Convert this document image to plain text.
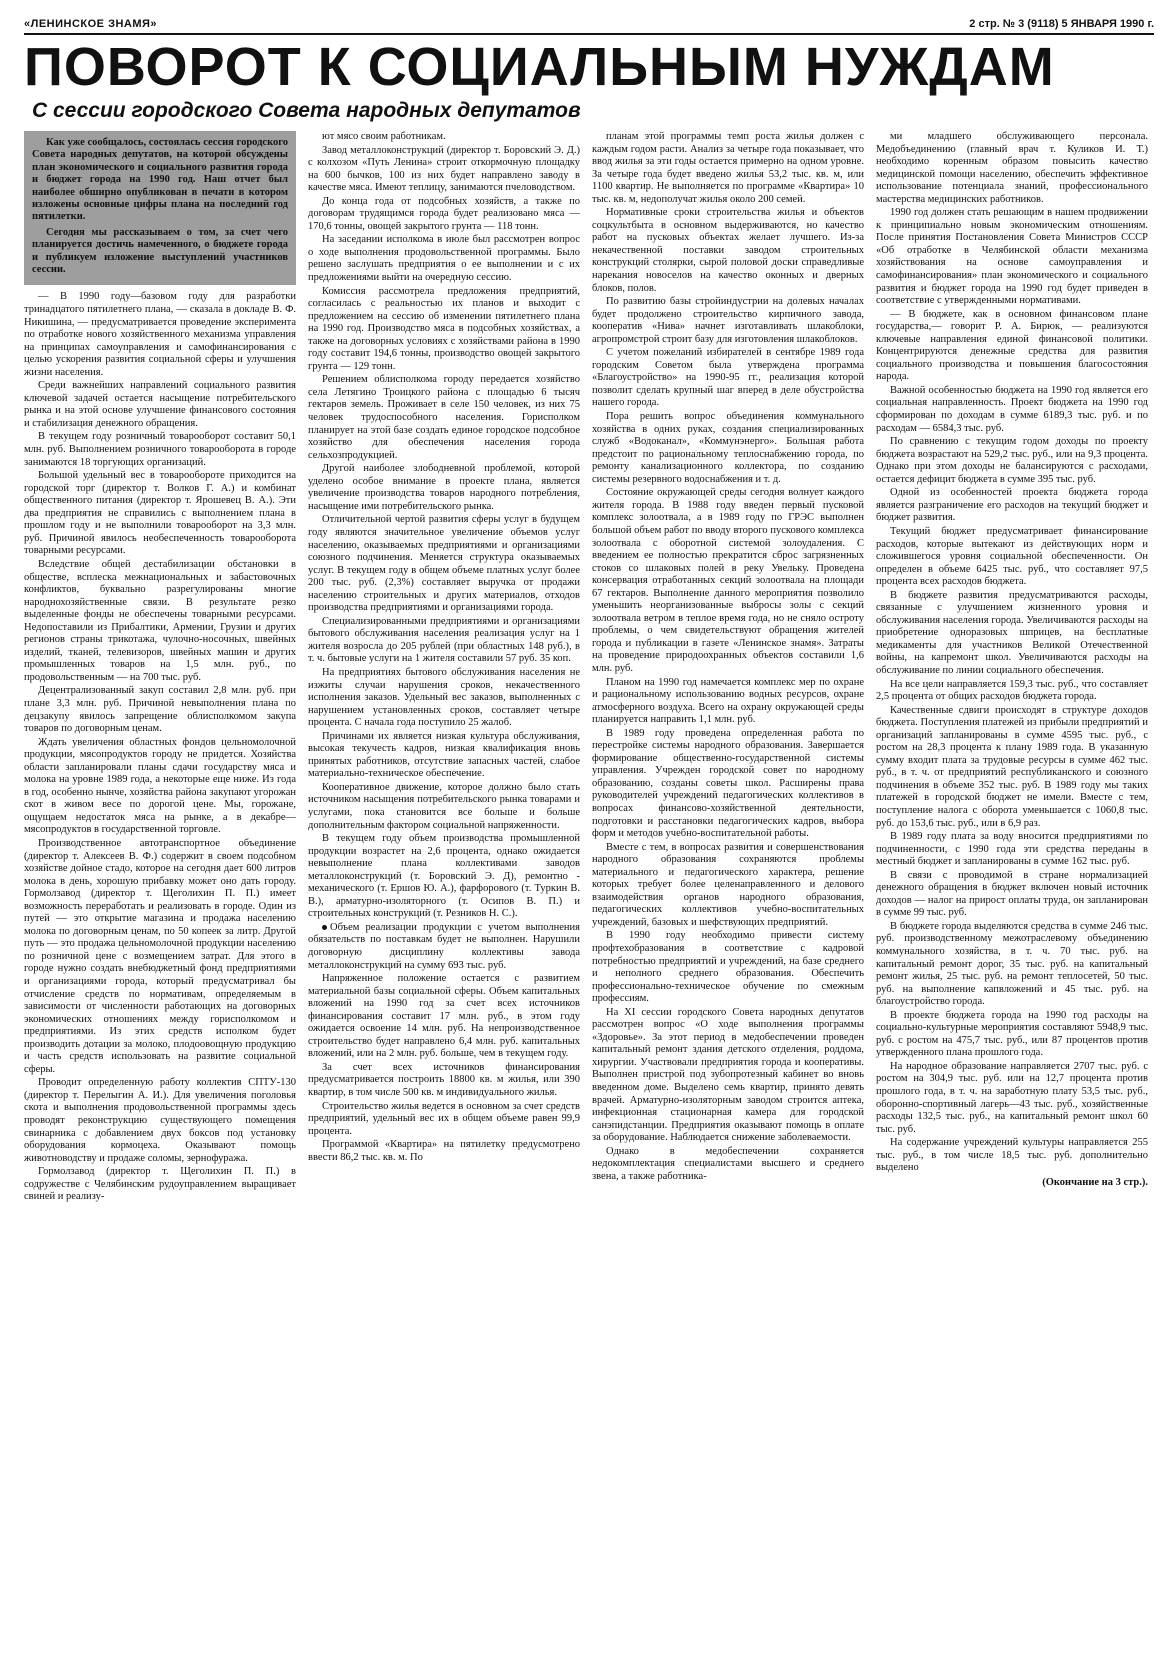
«ЛЕНИНСКОЕ ЗНАМЯ»	2 стр. № 3 (9118) 5 ЯНВАРЯ 1990 г.
ПОВОРОТ К СОЦИАЛЬНЫМ НУЖДАМ
С сессии городского Совета народных депутатов

Как уже сообщалось, состоялась сессия городского Совета народных депутатов, на которой обсуждены план экономического и социального развития города и бюджет города на 1990 год. Наш отчет был наиболее обширно опубликован в печати в котором изложены основные цифры плана на последний год пятилетки.

Сегодня мы рассказываем о том, за счет чего планируется достичь намеченного, о бюджете города и публикуем изложение выступлений участников сессии.

— В 1990 году—базовом году для разработки тринадцатого пятилетнего плана, — сказала в докладе В. Ф. Никишина, — предусматривается проведение эксперимента по отработке нового хозяйственного механизма управления на принципах самоуправления и самофинансирования с целью ускорения развития социальной сферы и улучшения жизни населения.

Среди важнейших направлений социального развития ключевой задачей остается насыщение потребительского рынка и на этой основе улучшение финансового состояния и стабилизация денежного обращения.

В текущем году розничный товарооборот составит 50,1 млн. руб. Выполнением розничного товарооборота в городе занимаются 18 торгующих организаций.

Большой удельный вес в товарообороте приходится на городской торг (директор т. Волков Г. А.) и комбинат общественного питания (директор т. Ярошевец В. А.). Эти два предприятия не справились с выполнением плана в прошлом году и не выполнили товарооборот на 3,3 млн. руб. Причиной явилось необеспеченность товарооборота товарными ресурсами.

Вследствие общей дестабилизации обстановки в обществе, всплеска межнациональных и забастовочных конфликтов, буквально разрегулированы многие народнохозяйственные связи. В результате резко выделенные фонды не обеспечены товарными ресурсами. Недопоставили из Прибалтики, Армении, Грузии и других регионов страны трикотажа, чулочно-носочных, швейных изделий, тканей, телевизоров, швейных машин и других промышленных товаров на 1,5 млн. руб., по продовольственным — на 700 тыс. руб.

Децентрализованный закуп составил 2,8 млн. руб. при плане 3,3 млн. руб. Причиной невыполнения плана по децзакупу явилось запрещение облисполкомом закупа товаров по договорным ценам.

Ждать увеличения областных фондов цельномолочной продукции, мясопродуктов городу не придется. Хозяйства области запланировали планы сдачи государству мяса и молока на уровне 1989 года, а некоторые еще ниже. Из года в год, особенно нынче, хозяйства района закупают угорожан скот в живом весе по дорогой цене. Мы, горожане, ощущаем недостаток мяса на рынке, а в декабре—мясопродуктов в государственной торговле.

Производственное автотранспортное объединение (директор т. Алексеев В. Ф.) содержит в своем подсобном хозяйстве дойное стадо, которое на сегодня дает 600 литров молока в день, хорошую прибавку может оно дать городу. Гормолзавод (директор т. Щеголихин П. П.) имеет возможность переработать и реализовать в городе. Один из путей — это открытие магазина и продажа населению молока по договорным ценам, по 50 копеек за литр. Другой путь — это продажа цельномолочной продукции населению по розничной цене с возмещением затрат. Для этого в городе нужно создать внебюджетный фонд предприятиями и организациями города, который предусматривал бы отчисление средств по нормативам, определяемым в зависимости от численности работающих на договорных экономических отношениях между горисполкомом и предприятиями. Из этих средств исполком будет производить дотации за молоко, плодоовощную продукцию и часть средств использовать на развитие социальной сферы.

Проводит определенную работу коллектив СПТУ-130 (директор т. Перелыгин А. И.). Для увеличения поголовья скота и выполнения продовольственной программы здесь проводят реконструкцию существующего помещения свинарника с добавлением двух боксов под установку оборудования кормоцеха. Оказывают помощь животноводству и продаже соломы, зернофуража.

Гормолзавод (директор т. Щеголихин П. П.) в содружестве с Челябинским рудоуправлением выращивает свиней и реализу-

ют мясо своим работникам.

Завод металлоконструкций (директор т. Боровский Э. Д.) с колхозом «Путь Ленина» строит откормочную площадку на 600 бычков, 100 из них будет направлено заводу в качестве мяса. Имеют теплицу, занимаются пчеловодством.

До конца года от подсобных хозяйств, а также по договорам трудящимся города будет реализовано мяса —170,6 тонны, овощей закрытого грунта — 118 тонн.

На заседании исполкома в июле был рассмотрен вопрос о ходе выполнения продовольственной программы. Было решено заслушать предприятия о ее выполнении и с их предложениями выйти на очередную сессию.

Комиссия рассмотрела предложения предприятий, согласилась с реальностью их планов и выходит с предложением на сессию об изменении пятилетнего плана на 1990 год. Производство мяса в подсобных хозяйствах, а также на договорных условиях с хозяйствами района в 1990 году составит 194,6 тонны, производство овощей закрытого грунта — 129 тонн.

Решением облисполкома городу передается хозяйство села Летягино Троицкого района с площадью 6 тысяч гектаров земель. Проживает в селе 150 человек, из них 75 человек трудоспособного населения. Горисполком планирует на этой базе создать единое городское подсобное хозяйство для обеспечения населения города сельхозпродукцией.

Другой наиболее злободневной проблемой, которой уделено особое внимание в проекте плана, является увеличение производства товаров народного потребления, насыщение ими потребительского рынка.

Отличительной чертой развития сферы услуг в будущем году являются значительное увеличение объемов услуг населению, оказываемых предприятиями и организациями союзного подчинения. Меняется структура оказываемых услуг. В текущем году в общем объеме платных услуг более 200 тыс. руб. (2,3%) составляет выручка от продажи населению строительных и других материалов, отходов производства предприятиями и организациями города.

Специализированными предприятиями и организациями бытового обслуживания населения реализация услуг на 1 жителя возросла до 205 рублей (при областных 148 руб.), в т. ч. бытовые услуги на 1 жителя составили 57 руб. 35 коп.

На предприятиях бытового обслуживания населения не изжиты случаи нарушения сроков, некачественного исполнения заказов. Удельный вес заказов, выполненных с нарушением установленных сроков, составляет четыре процента. С начала года поступило 25 жалоб.

Причинами их является низкая культура обслуживания, высокая текучесть кадров, низкая квалификация вновь принятых работников, отсутствие запасных частей, слабое материально-техническое обеспечение.

Кооперативное движение, которое должно было стать источником насыщения потребительского рынка товарами и услугами, пока становится все больше и больше дополнительным фактором социальной напряженности.

В текущем году объем производства промышленной продукции возрастет на 2,6 процента, однако ожидается невыполнение плана коллективами заводов металлоконструкций (т. Боровский Э. Д), ремонтно - механического (т. Ершов Ю. А.), фарфорового (т. Туркин В. В.), арматурно-изоляторного (т. Осипов В. П.) и строительных конструкций (т. Резников Н. С.).

Объем реализации продукции с учетом выполнения обязательств по поставкам будет не выполнен. Нарушили договорную дисциплину коллективы завода металлоконструкций на сумму 693 тыс. руб.

Напряженное положение остается с развитием материальной базы социальной сферы. Объем капитальных вложений на 1990 год за счет всех источников финансирования составит 17 млн. руб., в этом году ожидается освоение 14 млн. руб. На непроизводственное строительство будет направлено 6,4 млн. руб. капитальных вложений, или на 2 млн. руб. больше, чем в текущем году.

За счет всех источников финансирования предусматривается построить 18800 кв. м жилья, или 390 квартир, в том числе 500 кв. м индивидуального жилья.

Строительство жилья ведется в основном за счет средств предприятий, удельный вес их в общем объеме равен 99,9 процента.

Программой «Квартира» на пятилетку предусмотрено ввести 86,2 тыс. кв. м. По

планам этой программы темп роста жилья должен с каждым годом расти. Анализ за четыре года показывает, что ввод жилья за эти годы остается примерно на одном уровне. За четыре года будет введено жилья 53,2 тыс. кв. м, или 1100 квартир. Не выполняется по программе «Квартира» 10 тыс. кв. м, недополучат жилья около 200 семей.

Нормативные сроки строительства жилья и объектов соцкультбыта в основном выдерживаются, но качество работ на пусковых объектах желает лучшего. Из-за некачественной поставки заводом строительных конструкций столярки, сырой половой доски справедливые нарекания новоселов на качество оконных и дверных блоков, полов.

По развитию базы стройиндустрии на долевых началах будет продолжено строительство кирпичного завода, кооператив «Нива» начнет изготавливать шлакоблоки, агропромстрой строит базу для изготовления шлакоблоков.

С учетом пожеланий избирателей в сентябре 1989 года городским Советом была утверждена программа «Благоустройство» на 1990-95 гг., реализация которой позволит сделать крупный шаг вперед в деле обустройства нашего города.

Пора решить вопрос объединения коммунального хозяйства в одних руках, создания специализированных служб «Водоканал», «Коммунэнерго». Большая работа предстоит по рациональному теплоснабжению города, по ремонту канализационного коллектора, по созданию системы резервного водоснабжения и т. д.

Состояние окружающей среды сегодня волнует каждого жителя города. В 1988 году введен первый пусковой комплекс золоотвала, а в 1989 году по ГРЭС выполнен большой объем работ по вводу второго пускового комплекса золоотвала с оборотной системой золоудаления. С введением ее полностью прекратится сброс загрязненных стоков со шлаковых полей в реку Увельку. Проведена консервация отработанных секций золоотвала на площади 67 гектаров. Выполнение данного мероприятия позволило уменьшить неорганизованные выбросы золы с секций золоотвала ветром в теплое время года, но не сняло остроту проблемы, о чем свидетельствуют обращения жителей города и публикации в газете «Ленинское знамя». Затраты на проведение природоохранных объектов составили 1,6 млн. руб.

Планом на 1990 год намечается комплекс мер по охране и рациональному использованию водных ресурсов, охране атмосферного воздуха. Всего на охрану окружающей среды планируется направить 1,1 млн. руб.

В 1989 году проведена определенная работа по перестройке системы народного образования. Завершается формирование общественно-государственной системы управления. Учрежден городской совет по народному образованию, созданы советы школ. Расширены права руководителей учреждений педагогических коллективов в вопросах финансово-хозяйственной деятельности, подготовки и расстановки педагогических кадров, выбора форм и методов учебно-воспитательной работы.

Вместе с тем, в вопросах развития и совершенствования народного образования сохраняются проблемы материального и педагогического характера, решение которых требует более целенаправленного и делового взаимодействия органов народного образования, педагогических коллективов учебно-воспитательных учреждений, базовых и шефствующих предприятий.

В 1990 году необходимо привести систему профтехобразования в соответствие с кадровой потребностью предприятий и учреждений, на базе среднего и неполного среднего образования. Обеспечить профессионально-техническое обучение по смежным профессиям.

На XI сессии городского Совета народных депутатов рассмотрен вопрос «О ходе выполнения программы «Здоровье». За этот период в медобеспечении проведен капитальный ремонт здания детского отделения, роддома, хирургии. Участвовали предприятия города и кооперативы. Выполнен пристрой под зубопротезный кабинет во вновь введенном доме. Выделено семь квартир, принято девять врачей. Арматурно-изоляторным заводом строится аптека, инфекционная стационарная камера для городской санэпидстанции. Предприятия оказывают помощь в оплате за оборудование. Наблюдается снижение заболеваемости.

Однако в медобеспечении сохраняется недокомплектация специалистами высшего и среднего звена, а также работника-

ми младшего обслуживающего персонала. Медобъединению (главный врач т. Куликов И. Т.) необходимо коренным образом повысить качество медицинской помощи населению, обеспечить эффективное использование потенциала знаний, профессионального мастерства медицинских работников.

1990 год должен стать решающим в нашем продвижении к принципиально новым экономическим отношениям. После принятия Постановления Совета Министров СССР «Об отработке в Челябинской области механизма хозяйствования на основе самоуправления и самофинансирования» план экономического и социального развития и бюджет города на 1990 год будет приведен в соответствие с утвержденными нормативами.

— В бюджете, как в основном финансовом плане государства,— говорит Р. А. Бирюк, — реализуются ключевые направления единой финансовой политики. Концентрируются денежные средства для развития социального производства и повышения благосостояния народа.

Важной особенностью бюджета на 1990 год является его социальная направленность. Проект бюджета на 1990 год сформирован по доходам в сумме 6189,3 тыс. руб. и по расходам — 6584,3 тыс. руб.

По сравнению с текущим годом доходы по проекту бюджета возрастают на 529,2 тыс. руб., или на 9,3 процента. Однако при этом доходы не балансируются с расходами, остается дефицит бюджета в сумме 395 тыс. руб.

Одной из особенностей проекта бюджета города является разграничение его расходов на текущий бюджет и бюджет развития.

Текущий бюджет предусматривает финансирование расходов, которые вытекают из действующих норм и сложившегося уровня социальной обеспеченности. Он определен в объеме 6425 тыс. руб., что составляет 97,5 процента всех расходов бюджета.

В бюджете развития предусматриваются расходы, связанные с улучшением жизненного уровня и обслуживания населения города. Увеличиваются расходы на приобретение одноразовых шприцев, на бесплатные медикаменты для участников Великой Отечественной войны, на капремонт школ. Увеличиваются расходы на обслуживание по линии социального обеспечения.

На все цели направляется 159,3 тыс. руб., что составляет 2,5 процента от общих расходов бюджета города.

Качественные сдвиги происходят в структуре доходов бюджета. Поступления платежей из прибыли предприятий и организаций запланированы в сумме 4595 тыс. руб., с ростом на 28,3 процента к плану 1989 года. В указанную сумму входит плата за трудовые ресурсы в сумме 462 тыс. руб., в т. ч. от предприятий республиканского и союзного подчинения в объеме 352 тыс. руб. В 1989 году мы таких платежей в городской бюджет не имели. Вместе с тем, поступление налога с оборота уменьшается с 1060,8 тыс. руб. до 153,6 тыс. руб., или в 6,9 раз.

В 1989 году плата за воду вносится предприятиями по подчиненности, с 1990 года эти средства переданы в местный бюджет и запланированы в сумме 162 тыс. руб.

В связи с проводимой в стране нормализацией денежного обращения в бюджет включен новый источник доходов — налог на прирост оплаты труда, он запланирован в сумме 99 тыс. руб.

В бюджете города выделяются средства в сумме 246 тыс. руб. производственному межотраслевому объединению коммунального хозяйства, в т. ч. 70 тыс. руб. на капитальный ремонт дорог, 35 тыс. руб. на капитальный ремонт жилья, 25 тыс. руб. на ремонт теплосетей, 50 тыс. руб. на выполнение капвложений и 45 тыс. руб. на благоустройство города.

В проекте бюджета города на 1990 год расходы на социально-культурные мероприятия составляют 5948,9 тыс. руб. с ростом на 475,7 тыс. руб., или 87 процентов против утвержденного плана прошлого года.

На народное образование направляется 2707 тыс. руб. с ростом на 304,9 тыс. руб. или на 12,7 процента против прошлого года, в т. ч. на заработную плату 53,5 тыс. руб., оборонно-спортивный лагерь—43 тыс. руб., хозяйственные расходы 132,5 тыс. руб., на капитальный ремонт школ 60 тыс. руб.

На содержание учреждений культуры направляется 255 тыс. руб., в том числе 18,5 тыс. руб. дополнительно выделено

(Окончание на 3 стр.).
